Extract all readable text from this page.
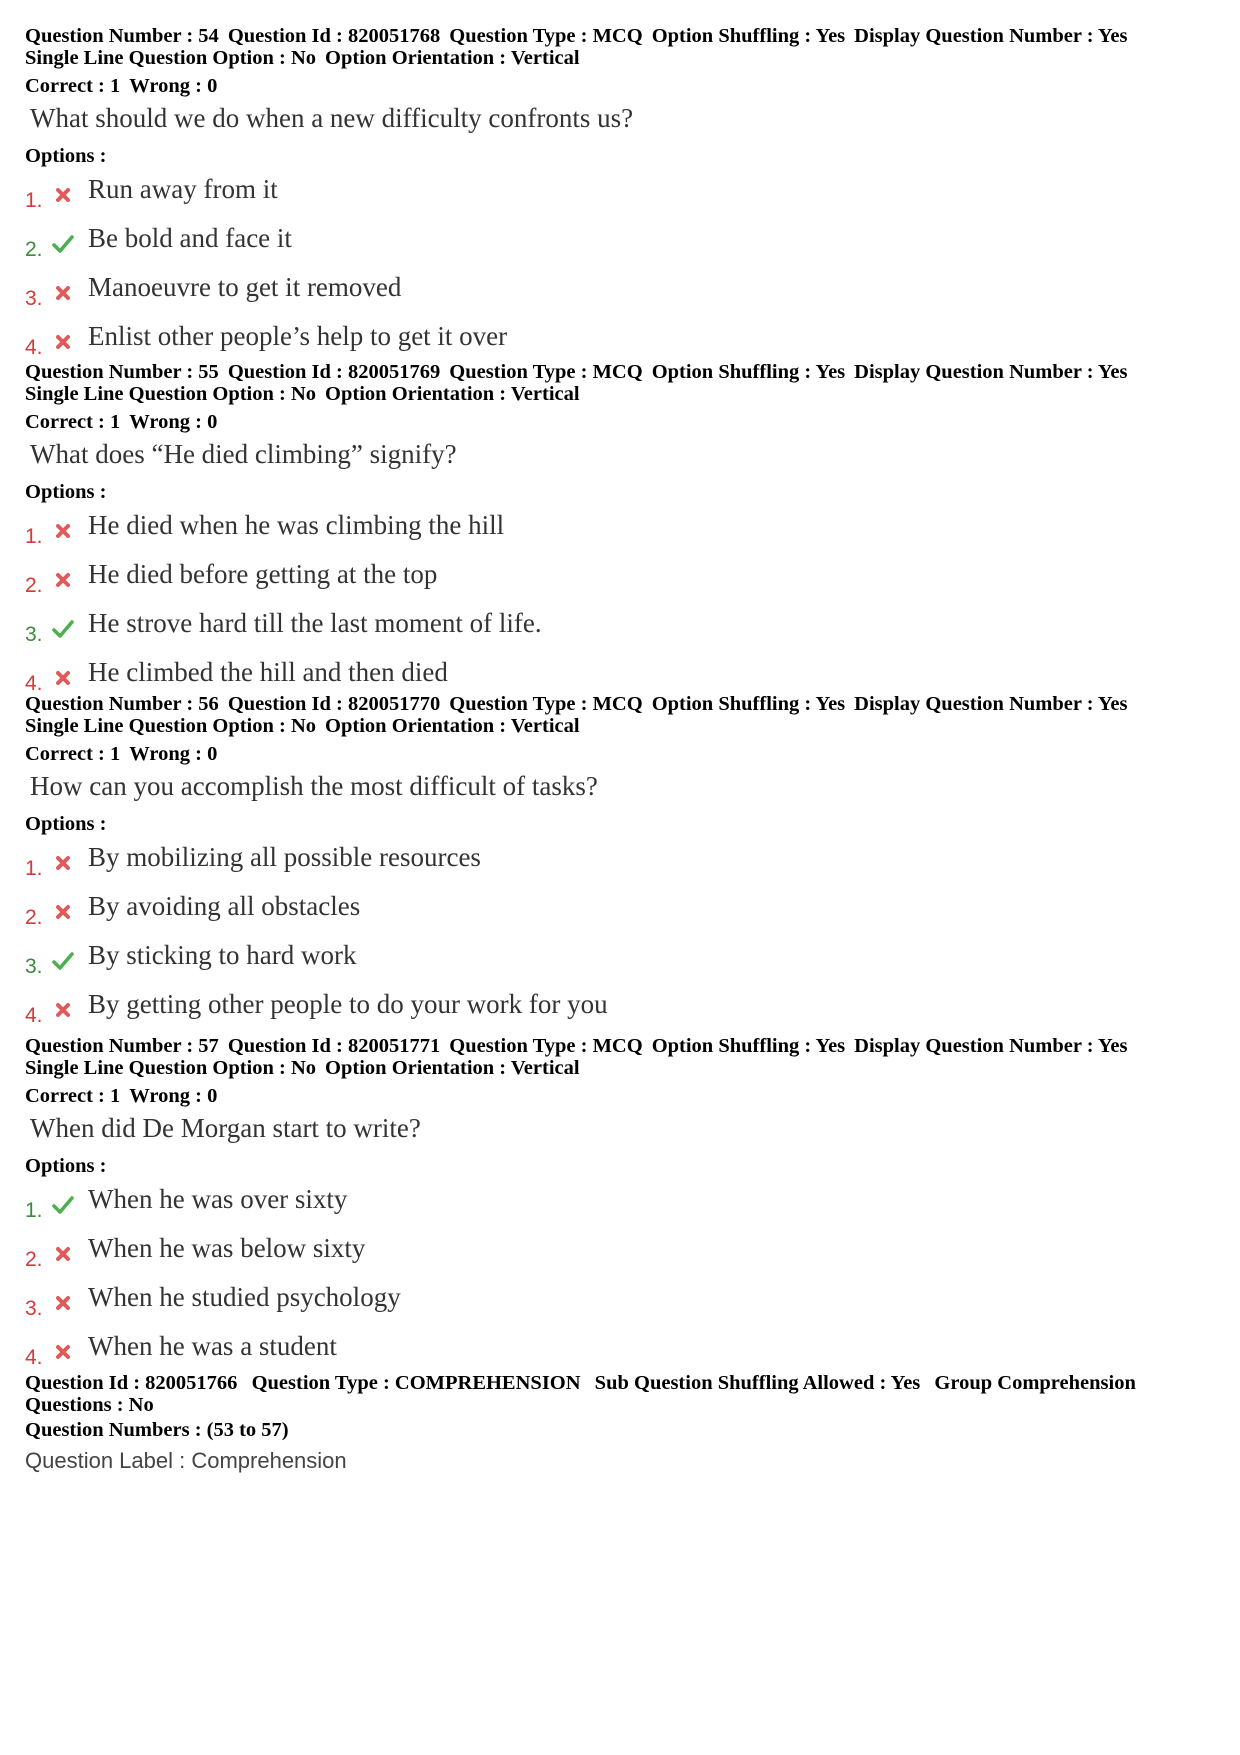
Question Number : 54 Question Id : 820051768 Question Type : MCQ Option Shuffling : Yes Display Question Number : Yes
Single Line Question Option : No Option Orientation : Vertical
Correct : 1 Wrong : 0
What should we do when a new difficulty confronts us?
Options :
1. Run away from it
2. Be bold and face it
3. Manoeuvre to get it removed
4. Enlist other people’s help to get it over
Question Number : 55 Question Id : 820051769 Question Type : MCQ Option Shuffling : Yes Display Question Number : Yes
Single Line Question Option : No Option Orientation : Vertical
Correct : 1 Wrong : 0
What does “He died climbing” signify?
Options :
1. He died when he was climbing the hill
2. He died before getting at the top
3. He strove hard till the last moment of life.
4. He climbed the hill and then died
Question Number : 56 Question Id : 820051770 Question Type : MCQ Option Shuffling : Yes Display Question Number : Yes
Single Line Question Option : No Option Orientation : Vertical
Correct : 1 Wrong : 0
How can you accomplish the most difficult of tasks?
Options :
1. By mobilizing all possible resources
2. By avoiding all obstacles
3. By sticking to hard work
4. By getting other people to do your work for you
Question Number : 57 Question Id : 820051771 Question Type : MCQ Option Shuffling : Yes Display Question Number : Yes
Single Line Question Option : No Option Orientation : Vertical
Correct : 1 Wrong : 0
When did De Morgan start to write?
Options :
1. When he was over sixty
2. When he was below sixty
3. When he studied psychology
4. When he was a student
Question Id : 820051766 Question Type : COMPREHENSION Sub Question Shuffling Allowed : Yes Group Comprehension
Questions : No
Question Numbers : (53 to 57)
Question Label : Comprehension
